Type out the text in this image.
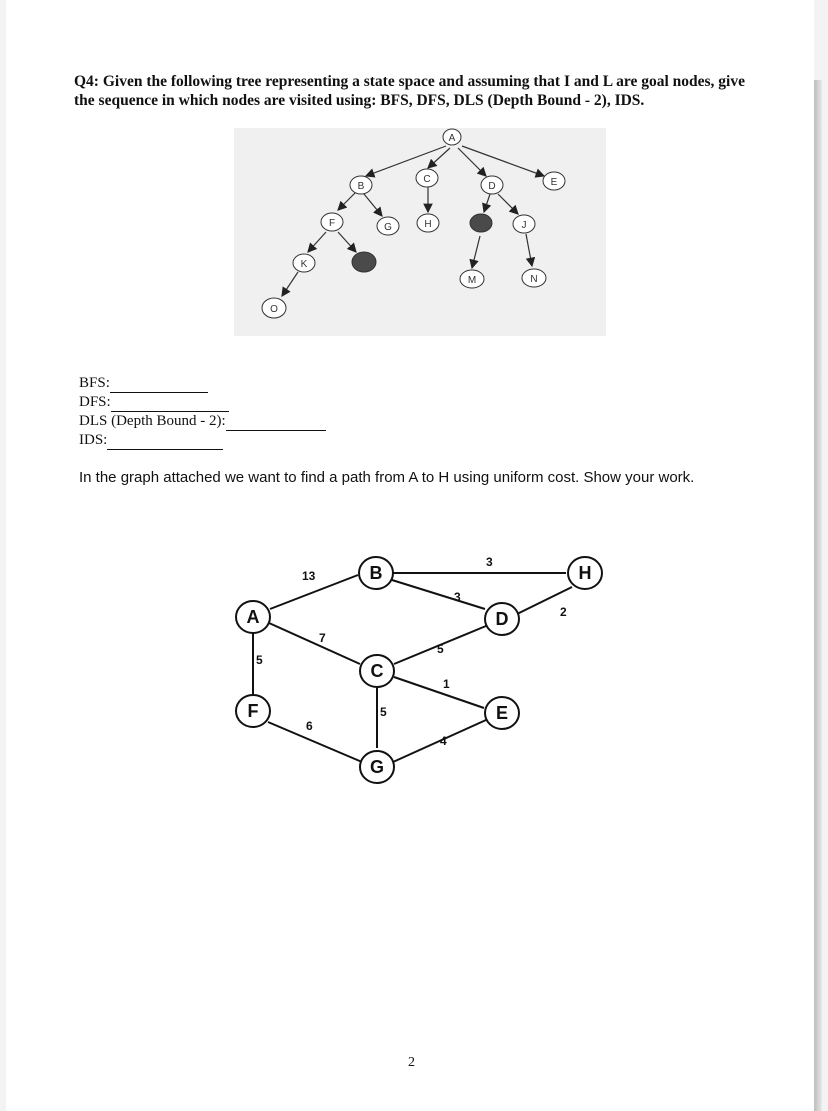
Q4: Given the following tree representing a state space and assuming that I and L are goal nodes, give the sequence in which nodes are visited using: BFS, DFS, DLS (Depth Bound - 2), IDS.
A
B
C
D	E
F	G	H	I	J
K	L
M	N
O
BFS:
DFS:
DLS (Depth Bound - 2):
IDS:
In the graph attached we want to find a path from A to H using uniform cost. Show your work.
13
7
5
3
3
5
1
5
6
4
2
A
B
C
D
E
F
G
H
2
